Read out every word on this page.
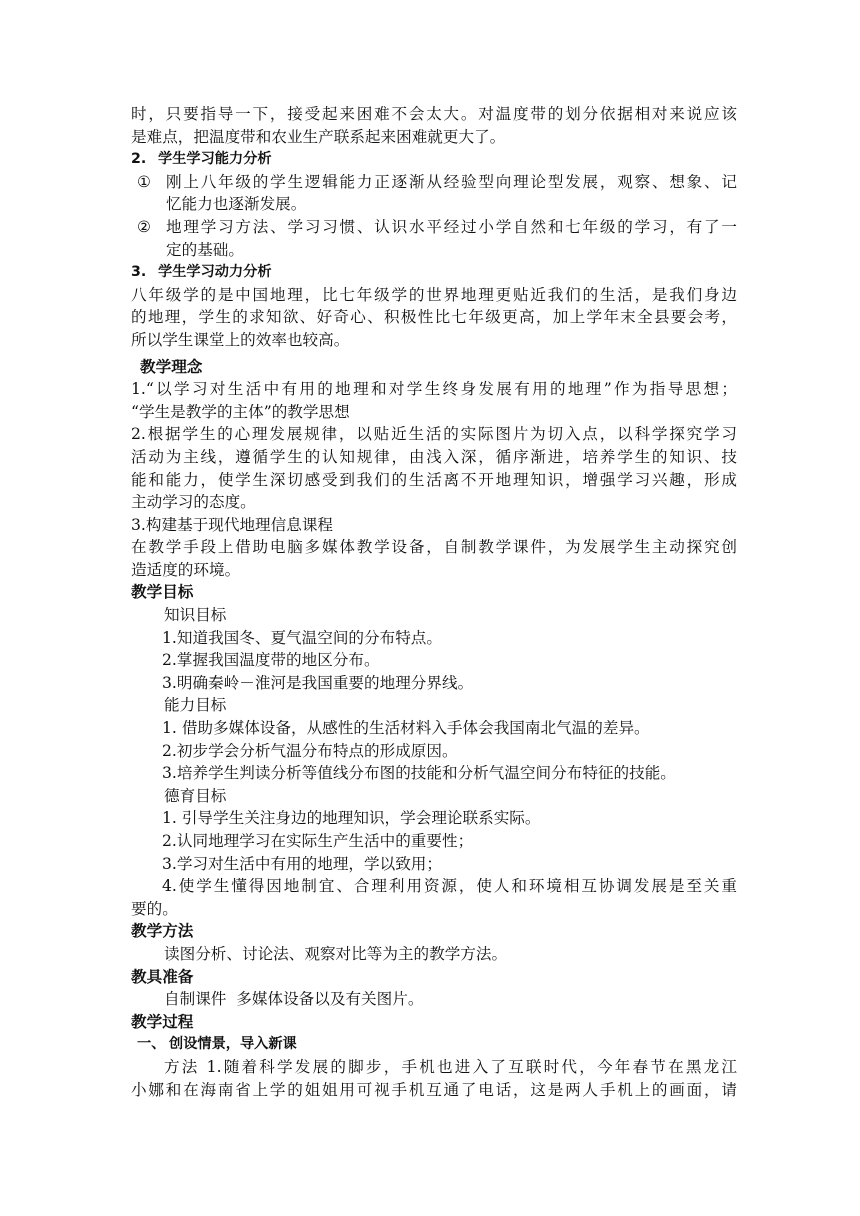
时，只要指导一下，接受起来困难不会太大。对温度带的划分依据相对来说应该
是难点，把温度带和农业生产联系起来困难就更大了。
2. 学生学习能力分析
① 刚上八年级的学生逻辑能力正逐渐从经验型向理论型发展，观察、想象、记
忆能力也逐渐发展。
② 地理学习方法、学习习惯、认识水平经过小学自然和七年级的学习，有了一
定的基础。
3. 学生学习动力分析
八年级学的是中国地理，比七年级学的世界地理更贴近我们的生活，是我们身边
的地理，学生的求知欲、好奇心、积极性比七年级更高，加上学年末全县要会考，
所以学生课堂上的效率也较高。
教学理念
1.“以学习对生活中有用的地理和对学生终身发展有用的地理”作为指导思想；
“学生是教学的主体”的教学思想
2.根据学生的心理发展规律，以贴近生活的实际图片为切入点，以科学探究学习
活动为主线，遵循学生的认知规律，由浅入深，循序渐进，培养学生的知识、技
能和能力，使学生深切感受到我们的生活离不开地理知识，增强学习兴趣，形成
主动学习的态度。
3.构建基于现代地理信息课程
在教学手段上借助电脑多媒体教学设备，自制教学课件，为发展学生主动探究创
造适度的环境。
教学目标
知识目标
1.知道我国冬、夏气温空间的分布特点。
2.掌握我国温度带的地区分布。
3.明确秦岭－淮河是我国重要的地理分界线。
能力目标
1. 借助多媒体设备，从感性的生活材料入手体会我国南北气温的差异。
2.初步学会分析气温分布特点的形成原因。
3.培养学生判读分析等值线分布图的技能和分析气温空间分布特征的技能。
德育目标
1. 引导学生关注身边的地理知识，学会理论联系实际。
2.认同地理学习在实际生产生活中的重要性；
3.学习对生活中有用的地理，学以致用；
4.使学生懂得因地制宜、合理利用资源，使人和环境相互协调发展是至关重
要的。
教学方法
读图分析、讨论法、观察对比等为主的教学方法。
教具准备
自制课件  多媒体设备以及有关图片。
教学过程
一、 创设情景，导入新课
方法 1.随着科学发展的脚步，手机也进入了互联时代，今年春节在黑龙江
小娜和在海南省上学的姐姐用可视手机互通了电话，这是两人手机上的画面，请
